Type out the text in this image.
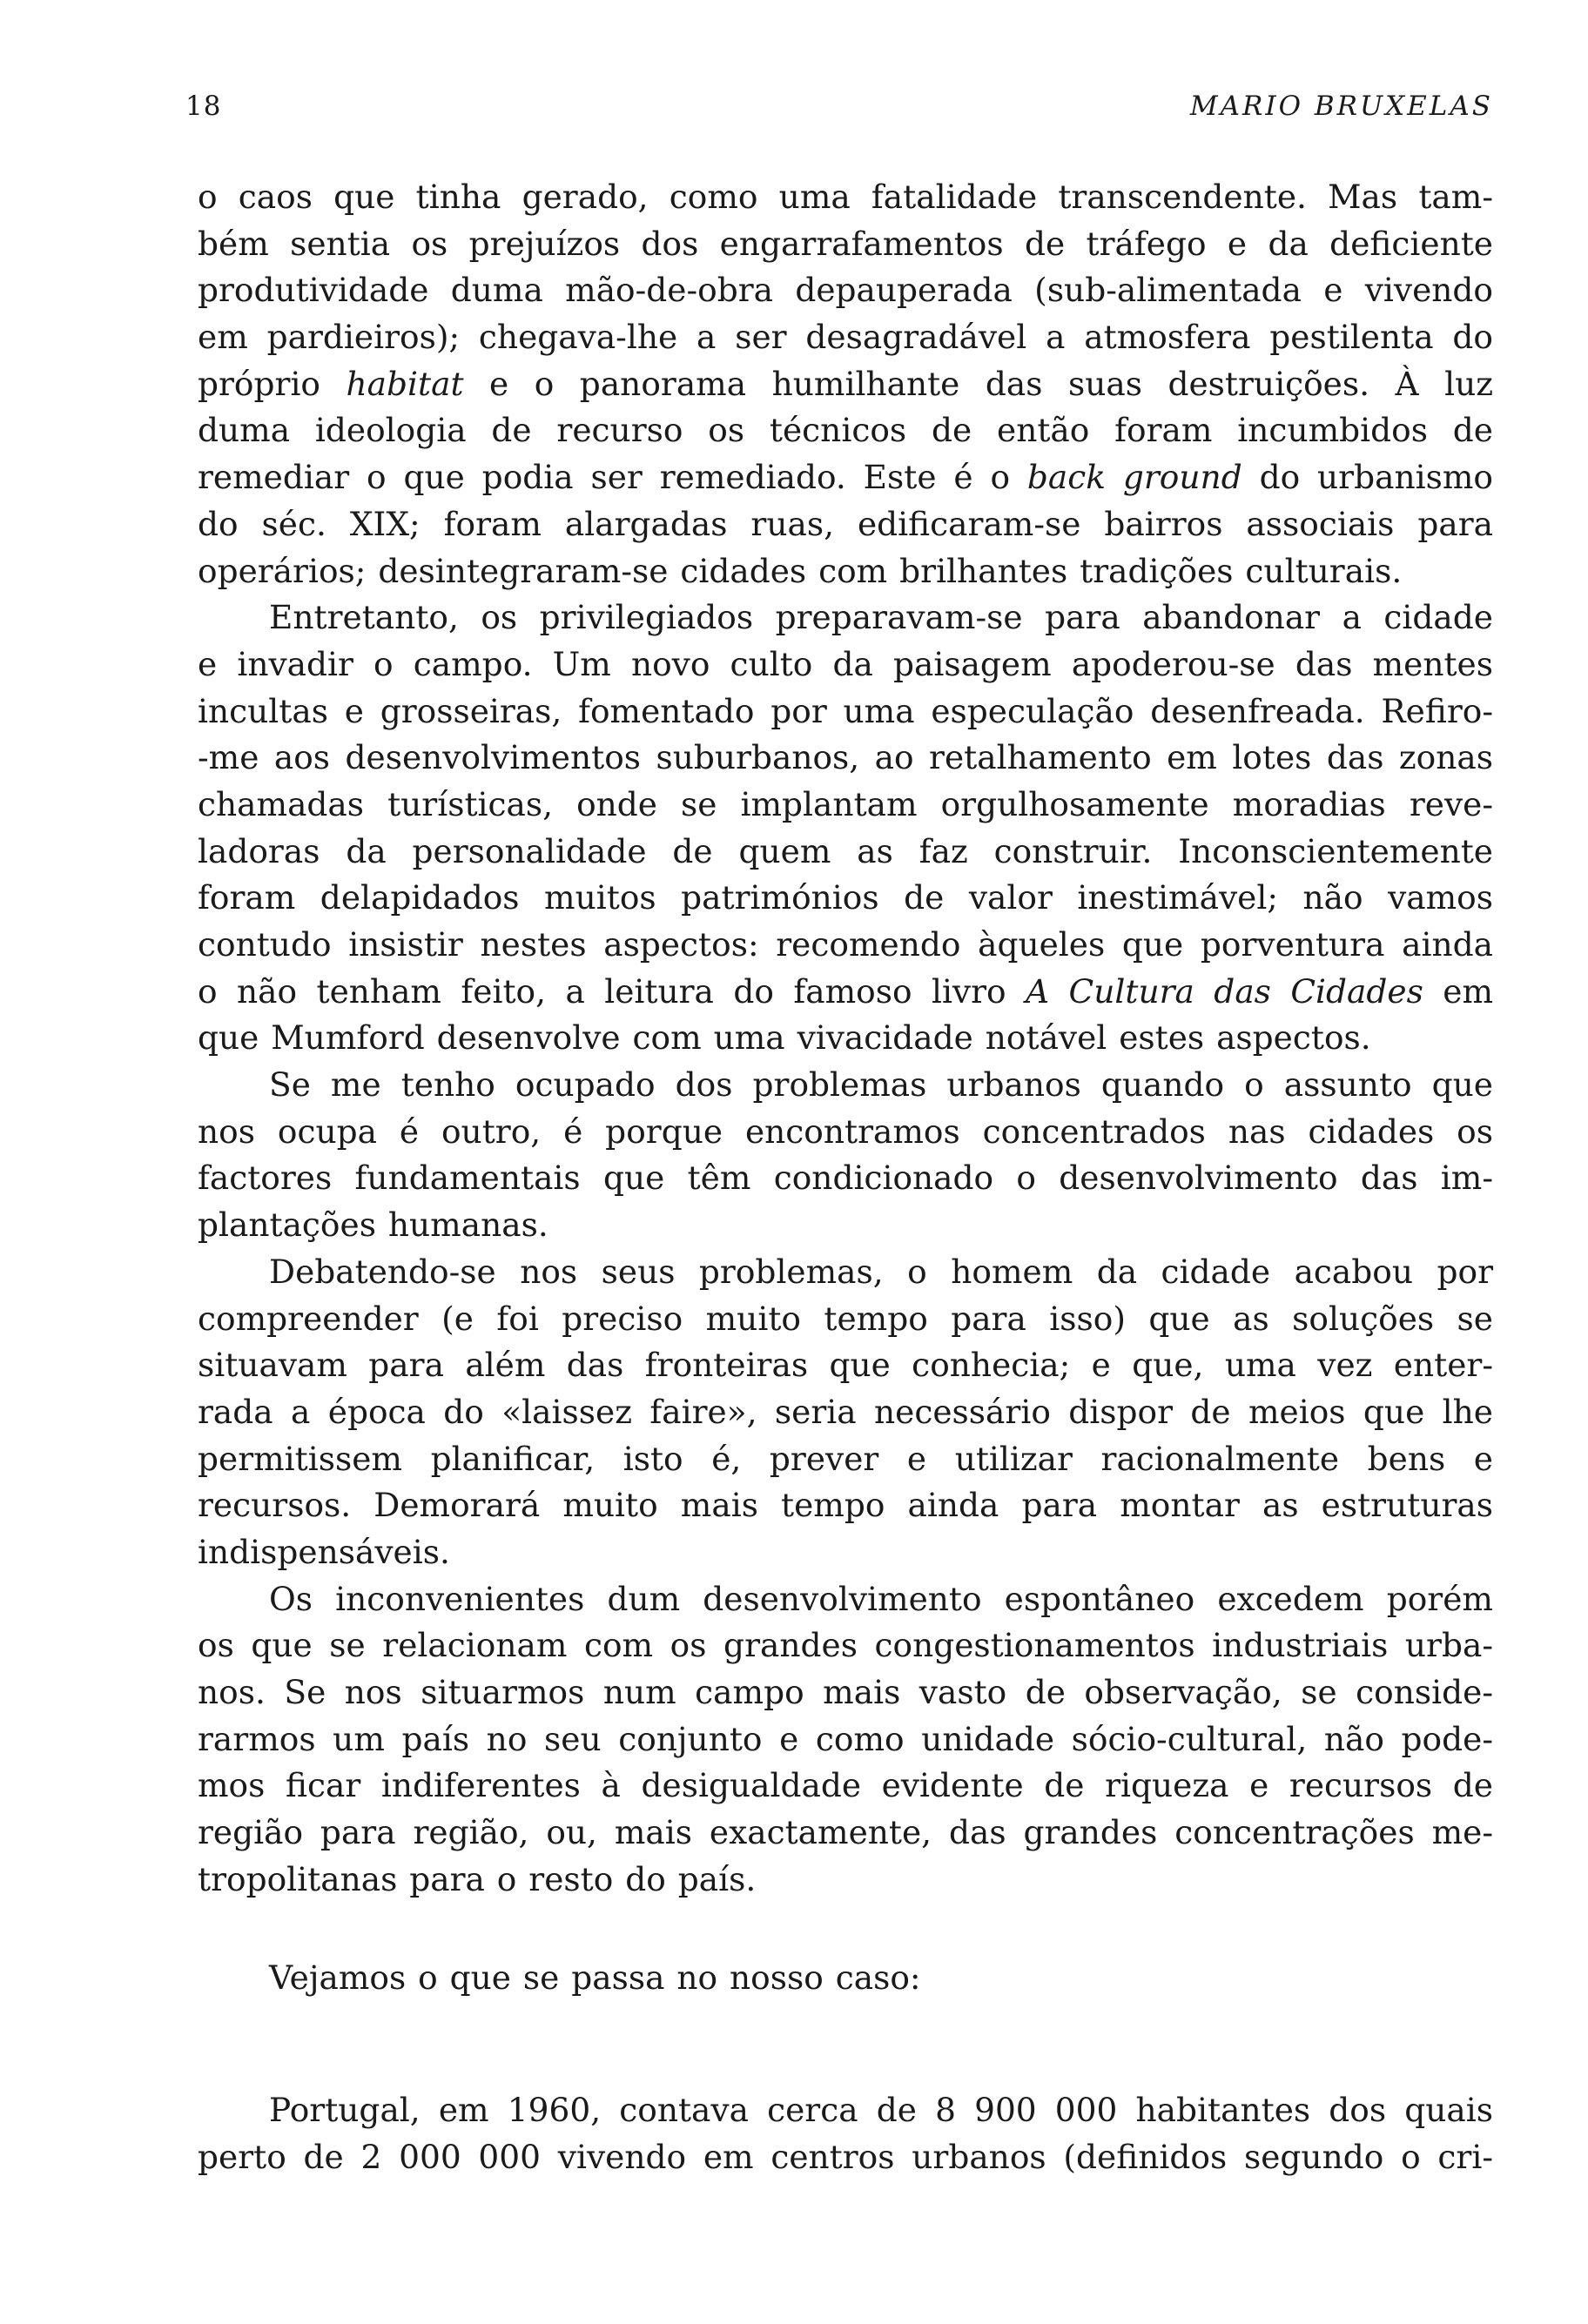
18	MARIO BRUXELAS
o caos que tinha gerado, como uma fatalidade transcendente. Mas tam-
bém sentia os prejuízos dos engarrafamentos de tráfego e da deficiente
produtividade duma mão-de-obra depauperada (sub-alimentada e vivendo
em pardieiros); chegava-lhe a ser desagradável a atmosfera pestilenta do
próprio habitat e o panorama humilhante das suas destruições. À luz
duma ideologia de recurso os técnicos de então foram incumbidos de
remediar o que podia ser remediado. Este é o back ground do urbanismo
do séc. XIX; foram alargadas ruas, edificaram-se bairros associais para
operários; desintegraram-se cidades com brilhantes tradições culturais.
Entretanto, os privilegiados preparavam-se para abandonar a cidade
e invadir o campo. Um novo culto da paisagem apoderou-se das mentes
incultas e grosseiras, fomentado por uma especulação desenfreada. Refiro-
-me aos desenvolvimentos suburbanos, ao retalhamento em lotes das zonas
chamadas turísticas, onde se implantam orgulhosamente moradias reve-
ladoras da personalidade de quem as faz construir. Inconscientemente
foram delapidados muitos patrimónios de valor inestimável; não vamos
contudo insistir nestes aspectos: recomendo àqueles que porventura ainda
o não tenham feito, a leitura do famoso livro A Cultura das Cidades em
que Mumford desenvolve com uma vivacidade notável estes aspectos.
Se me tenho ocupado dos problemas urbanos quando o assunto que
nos ocupa é outro, é porque encontramos concentrados nas cidades os
factores fundamentais que têm condicionado o desenvolvimento das im-
plantações humanas.
Debatendo-se nos seus problemas, o homem da cidade acabou por
compreender (e foi preciso muito tempo para isso) que as soluções se
situavam para além das fronteiras que conhecia; e que, uma vez enter-
rada a época do «laissez faire», seria necessário dispor de meios que lhe
permitissem planificar, isto é, prever e utilizar racionalmente bens e
recursos. Demorará muito mais tempo ainda para montar as estruturas
indispensáveis.
Os inconvenientes dum desenvolvimento espontâneo excedem porém
os que se relacionam com os grandes congestionamentos industriais urba-
nos. Se nos situarmos num campo mais vasto de observação, se conside-
rarmos um país no seu conjunto e como unidade sócio-cultural, não pode-
mos ficar indiferentes à desigualdade evidente de riqueza e recursos de
região para região, ou, mais exactamente, das grandes concentrações me-
tropolitanas para o resto do país.
Vejamos o que se passa no nosso caso:
Portugal, em 1960, contava cerca de 8 900 000 habitantes dos quais
perto de 2 000 000 vivendo em centros urbanos (definidos segundo o cri-
